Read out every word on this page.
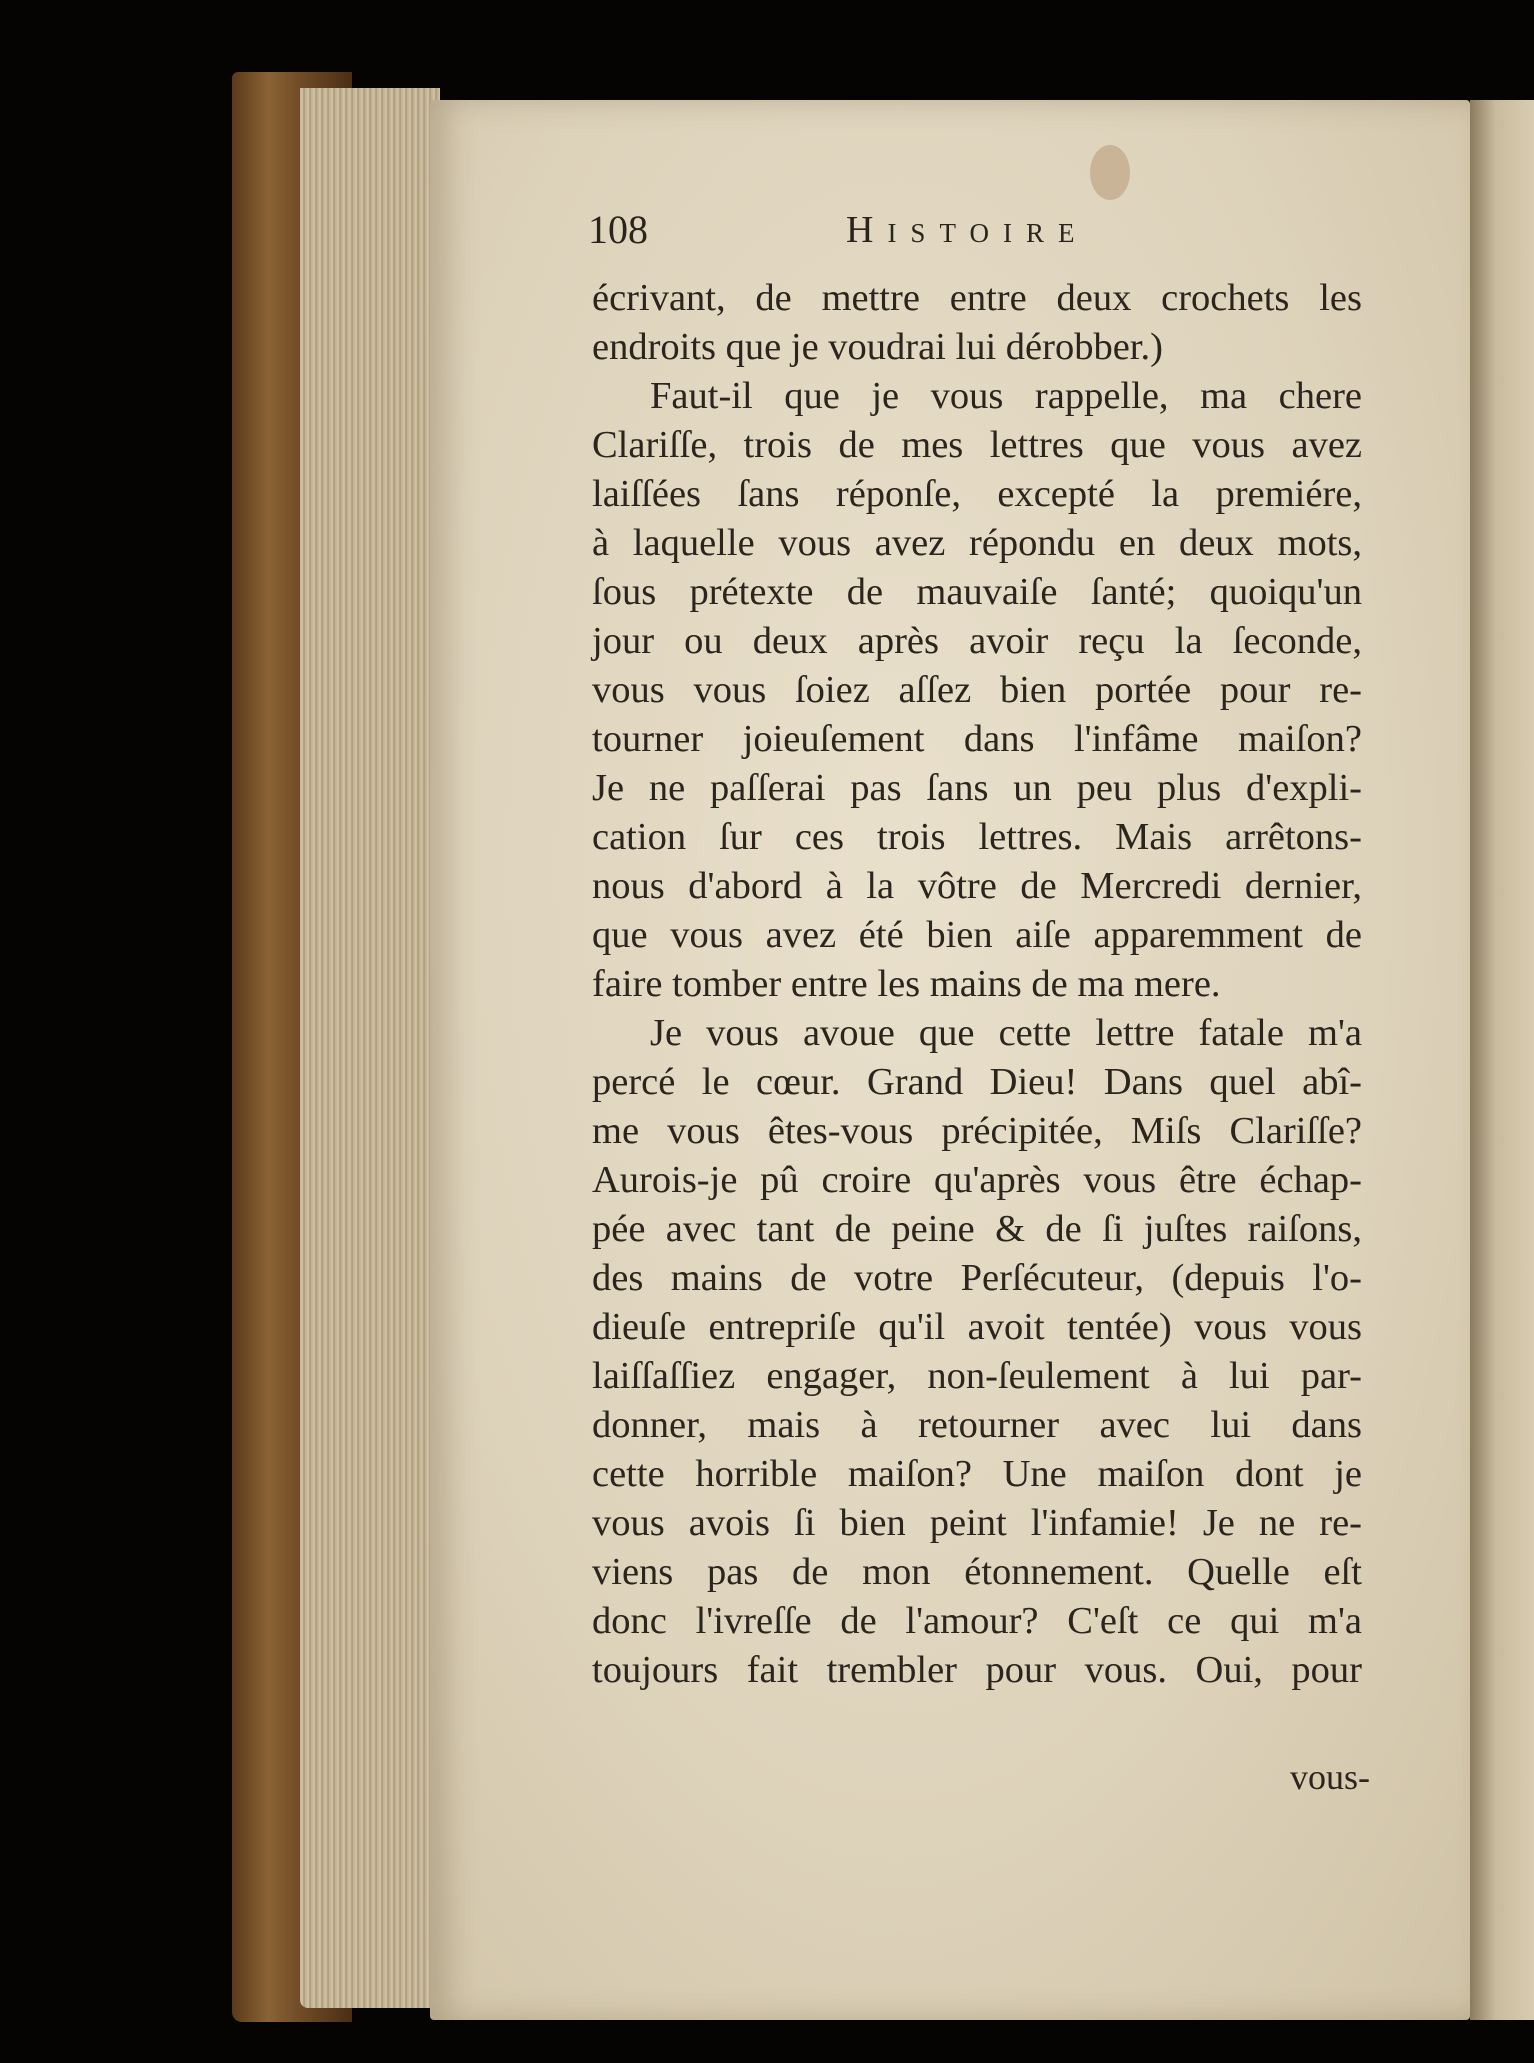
108	Histoire
écrivant, de mettre entre deux crochets les
endroits que je voudrai lui dérobber.)
Faut-il que je vous rappelle, ma chere
Clariſſe, trois de mes lettres que vous avez
laiſſées ſans réponſe, excepté la premiére,
à laquelle vous avez répondu en deux mots,
ſous prétexte de mauvaiſe ſanté; quoiqu'un
jour ou deux après avoir reçu la ſeconde,
vous vous ſoiez aſſez bien portée pour re-
tourner joieuſement dans l'infâme maiſon?
Je ne paſſerai pas ſans un peu plus d'expli-
cation ſur ces trois lettres. Mais arrêtons-
nous d'abord à la vôtre de Mercredi dernier,
que vous avez été bien aiſe apparemment de
faire tomber entre les mains de ma mere.
Je vous avoue que cette lettre fatale m'a
percé le cœur. Grand Dieu! Dans quel abî-
me vous êtes-vous précipitée, Miſs Clariſſe?
Aurois-je pû croire qu'après vous être échap-
pée avec tant de peine & de ſi juſtes raiſons,
des mains de votre Perſécuteur, (depuis l'o-
dieuſe entrepriſe qu'il avoit tentée) vous vous
laiſſaſſiez engager, non-ſeulement à lui par-
donner, mais à retourner avec lui dans
cette horrible maiſon? Une maiſon dont je
vous avois ſi bien peint l'infamie! Je ne re-
viens pas de mon étonnement. Quelle eſt
donc l'ivreſſe de l'amour? C'eſt ce qui m'a
toujours fait trembler pour vous. Oui, pour
vous-
